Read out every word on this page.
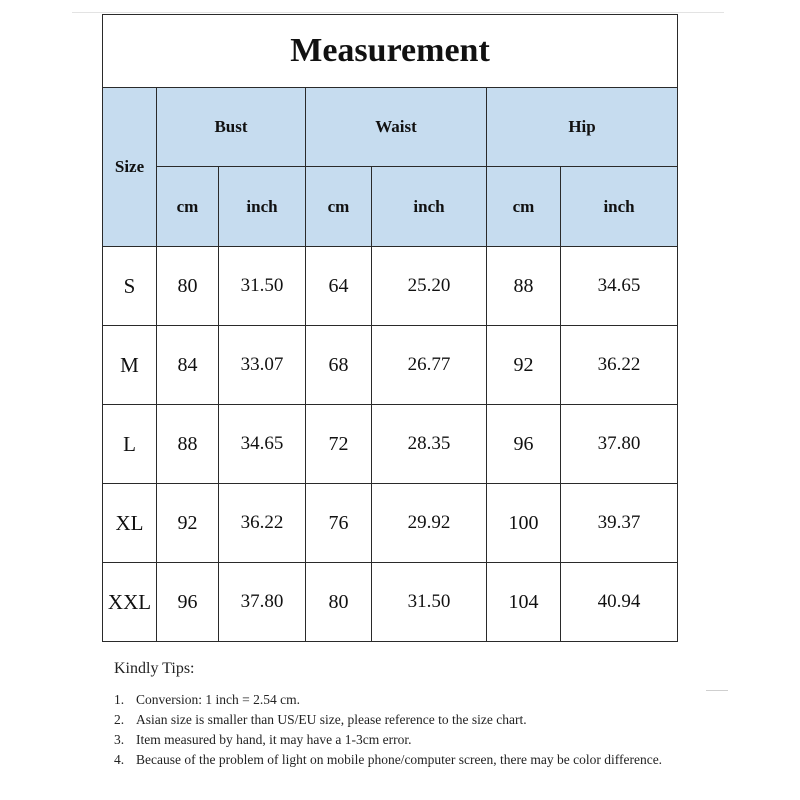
Measurement						
Size	Bust		Waist		Hip	
	cm	inch	cm	inch	cm	inch
S	80	31.50	64	25.20	88	34.65
M	84	33.07	68	26.77	92	36.22
L	88	34.65	72	28.35	96	37.80
XL	92	36.22	76	29.92	100	39.37
XXL	96	37.80	80	31.50	104	40.94

Kindly Tips:

1. Conversion: 1 inch = 2.54 cm.
2. Asian size is smaller than US/EU size, please reference to the size chart.
3. Item measured by hand, it may have a 1-3cm error.
4. Because of the problem of light on mobile phone/computer screen, there may be color difference.
